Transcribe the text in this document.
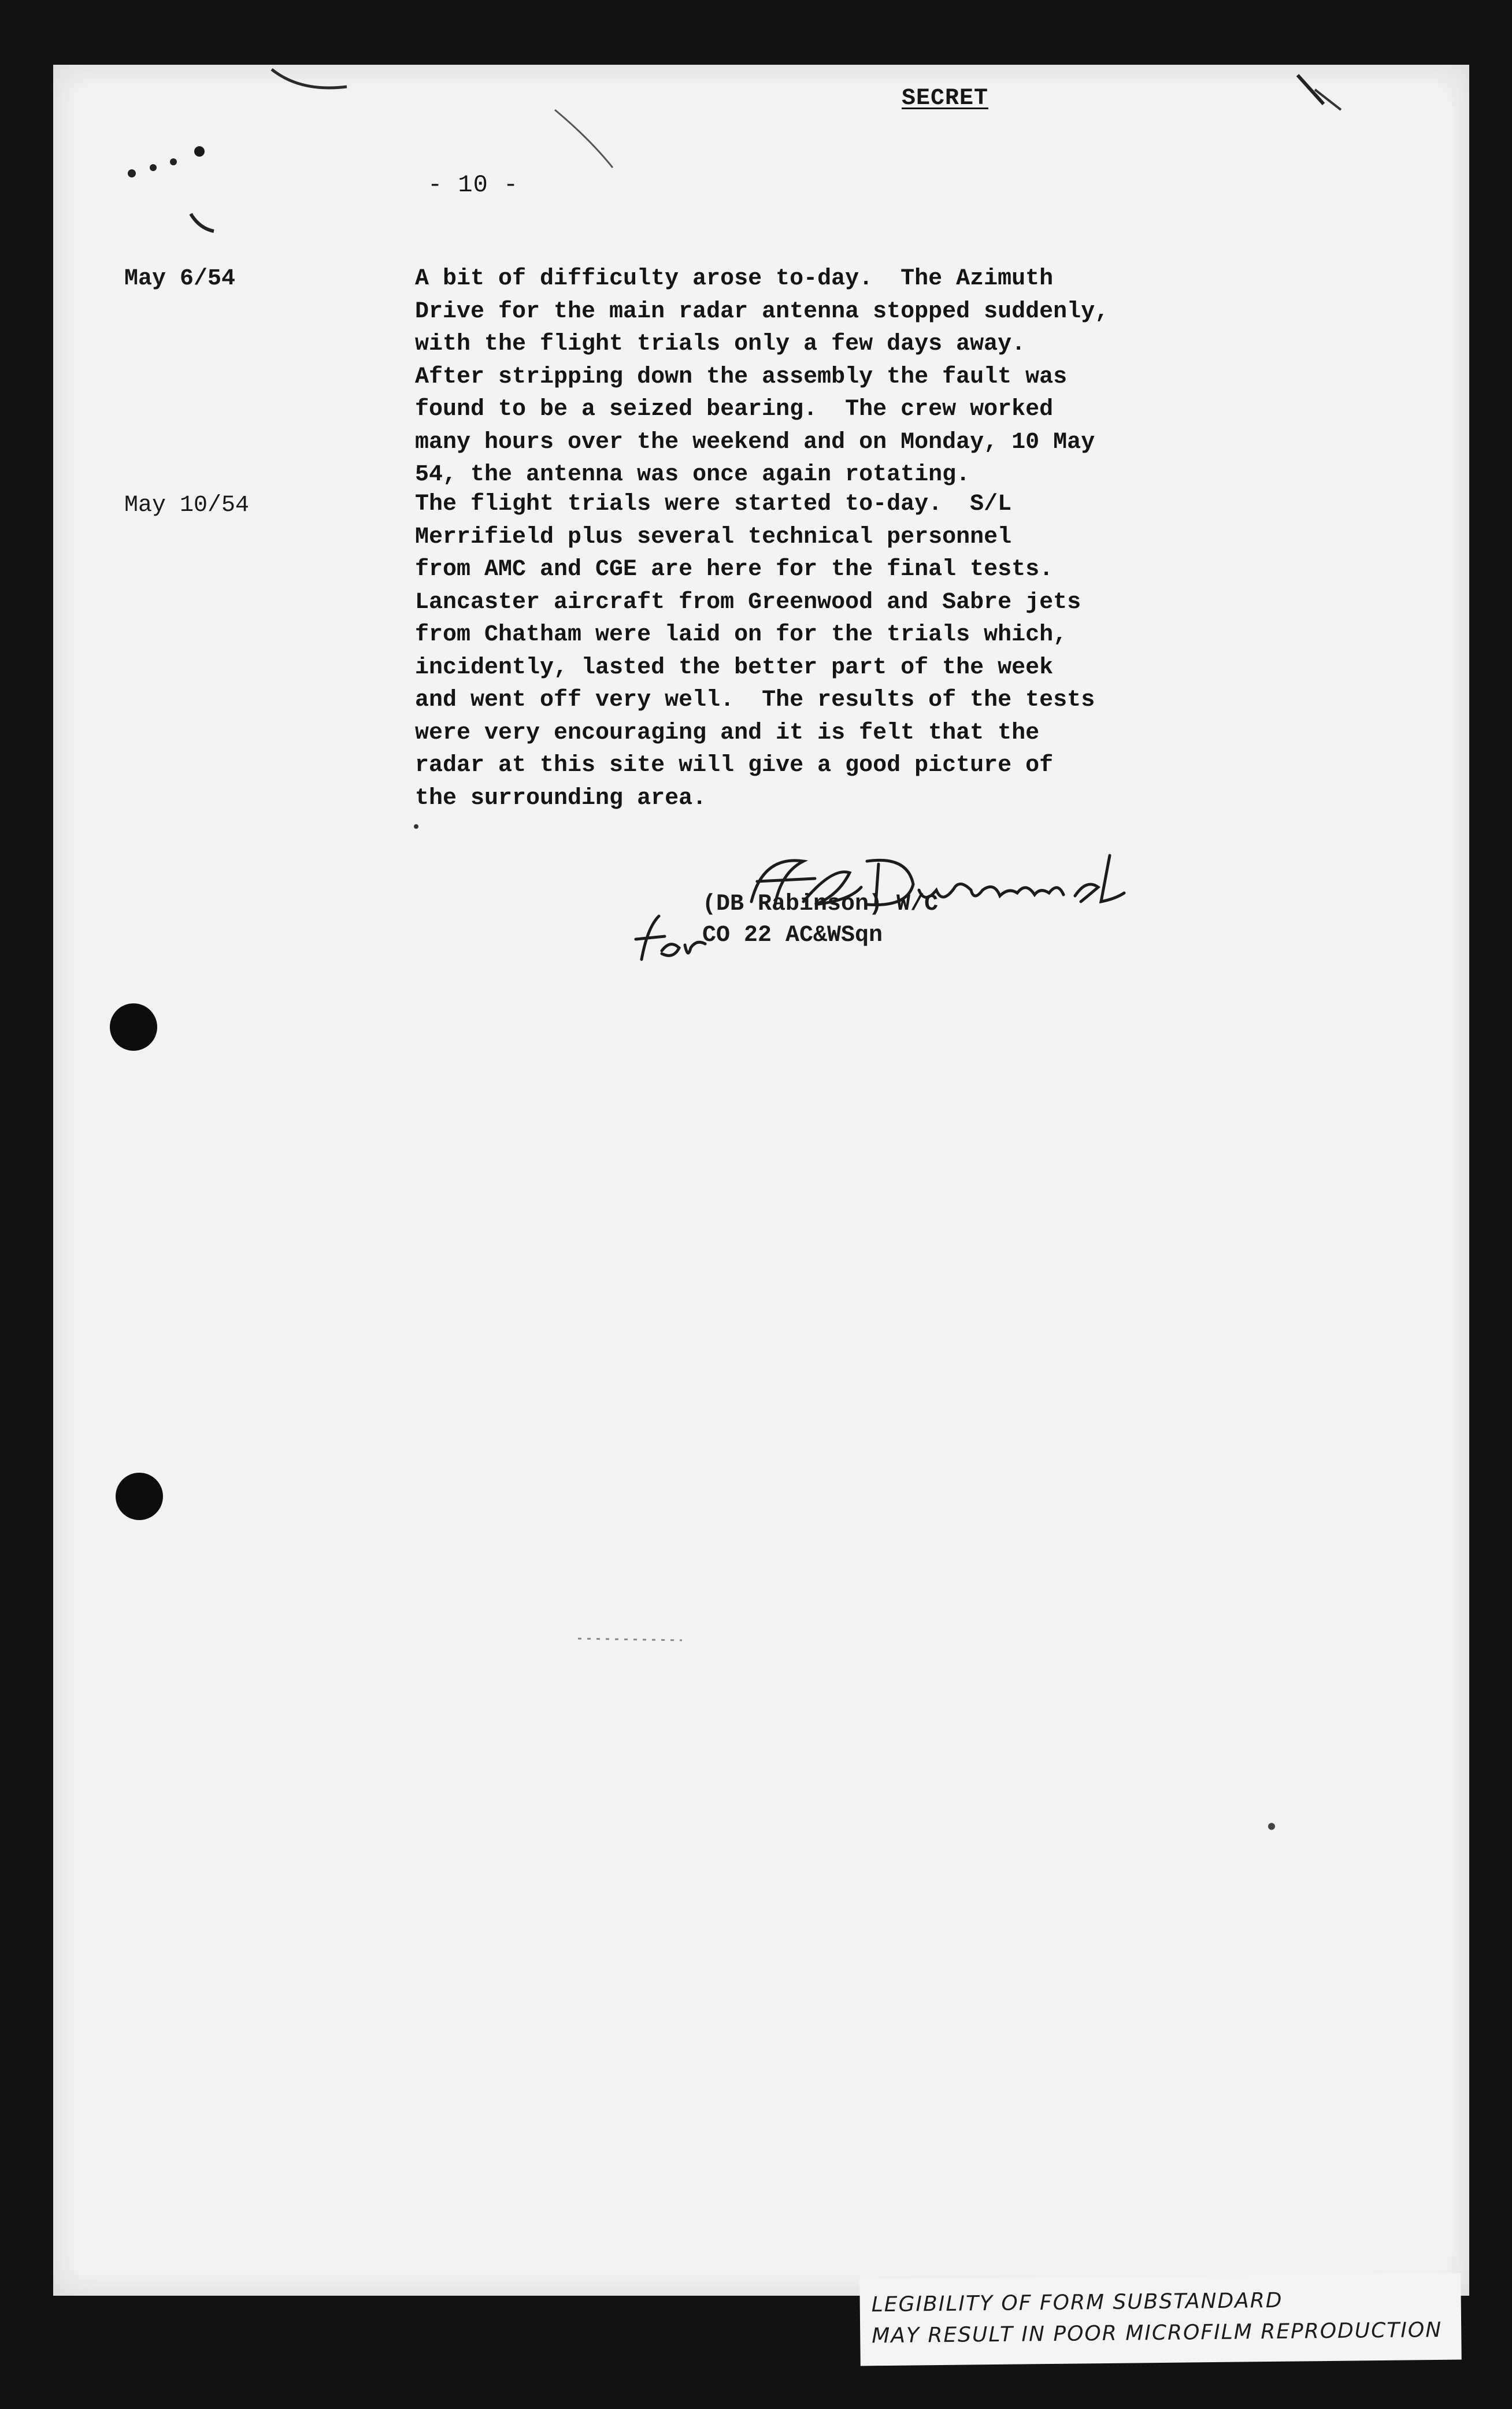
SECRET
- 10 -
May 6/54	A bit of difficulty arose to-day.  The Azimuth
Drive for the main radar antenna stopped suddenly,
with the flight trials only a few days away.
After stripping down the assembly the fault was
found to be a seized bearing.  The crew worked
many hours over the weekend and on Monday, 10 May
54, the antenna was once again rotating.
May 10/54	The flight trials were started to-day.  S/L
Merrifield plus several technical personnel
from AMC and CGE are here for the final tests.
Lancaster aircraft from Greenwood and Sabre jets
from Chatham were laid on for the trials which,
incidently, lasted the better part of the week
and went off very well.  The results of the tests
were very encouraging and it is felt that the
radar at this site will give a good picture of
the surrounding area.
(DB Rabinson) W/C
CO 22 AC&WSqn
LEGIBILITY OF FORM SUBSTANDARD
MAY RESULT IN POOR MICROFILM REPRODUCTION
